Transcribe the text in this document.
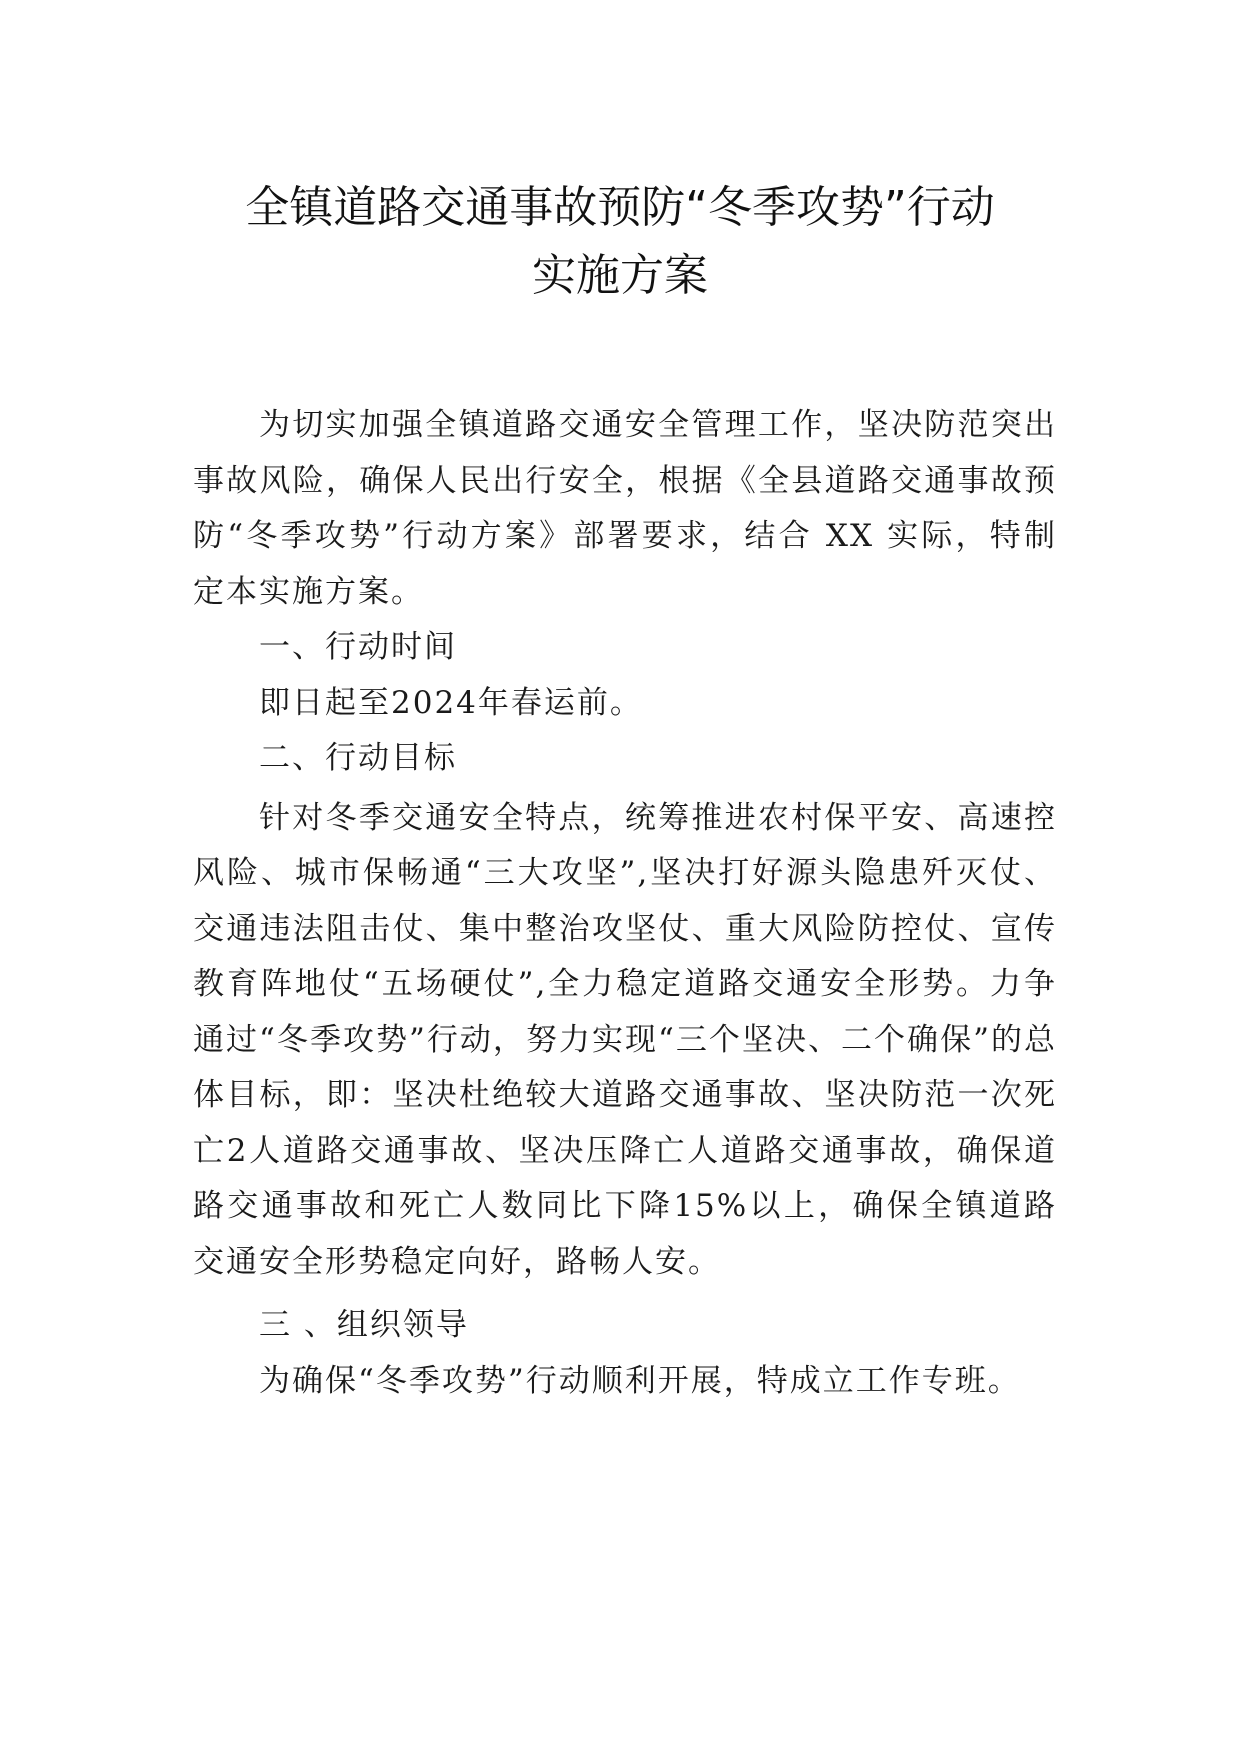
全镇道路交通事故预防“冬季攻势”行动
实施方案

为切实加强全镇道路交通安全管理工作，坚决防范突出事故风险，确保人民出行安全，根据《全县道路交通事故预防“冬季攻势”行动方案》部署要求，结合 XX 实际，特制定本实施方案。

一、行动时间

即日起至2024年春运前。

二、行动目标

针对冬季交通安全特点，统筹推进农村保平安、高速控风险、城市保畅通“三大攻坚”,坚决打好源头隐患歼灭仗、交通违法阻击仗、集中整治攻坚仗、重大风险防控仗、宣传教育阵地仗“五场硬仗”,全力稳定道路交通安全形势。力争通过“冬季攻势”行动，努力实现“三个坚决、二个确保”的总体目标，即：坚决杜绝较大道路交通事故、坚决防范一次死亡2人道路交通事故、坚决压降亡人道路交通事故，确保道路交通事故和死亡人数同比下降15%以上，确保全镇道路交通安全形势稳定向好，路畅人安。

三 、组织领导

为确保“冬季攻势”行动顺利开展，特成立工作专班。
